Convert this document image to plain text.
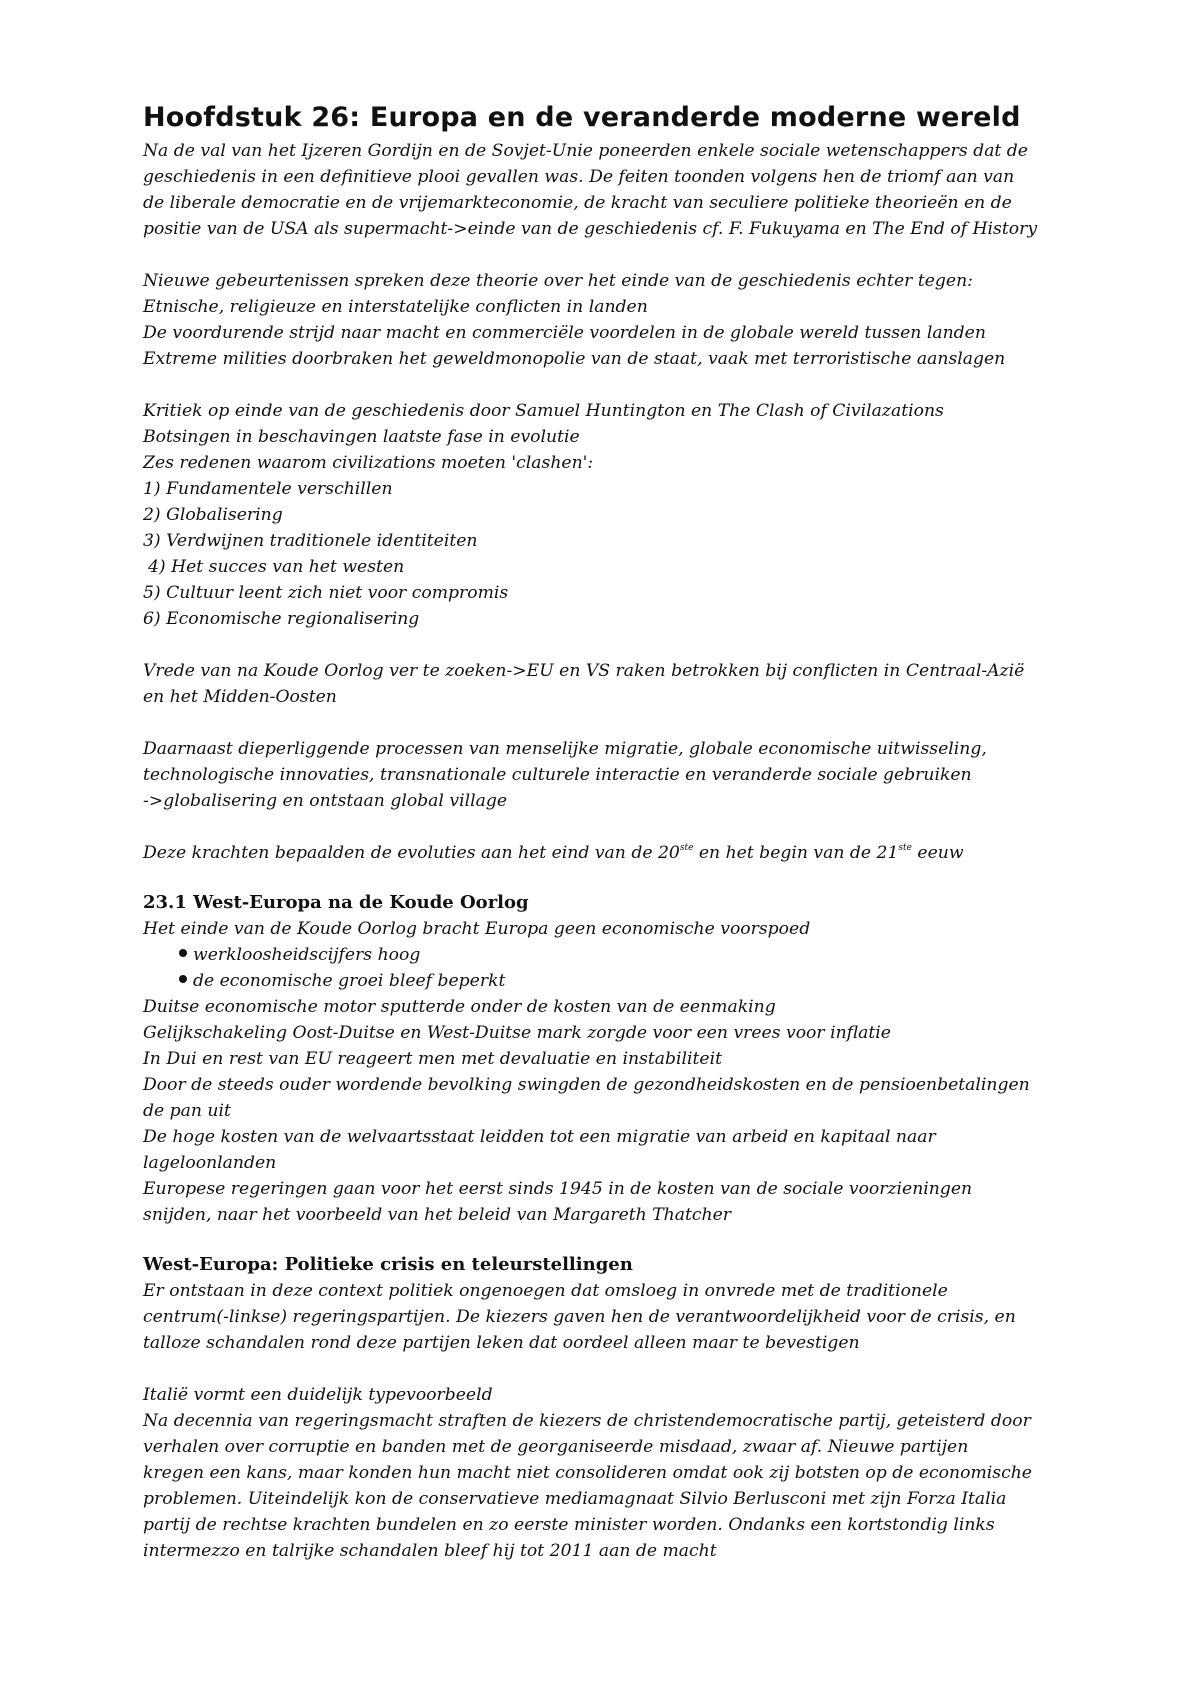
Hoofdstuk 26: Europa en de veranderde moderne wereld

Na de val van het Ijzeren Gordijn en de Sovjet-Unie poneerden enkele sociale wetenschappers dat de

geschiedenis in een definitieve plooi gevallen was. De feiten toonden volgens hen de triomf aan van

de liberale democratie en de vrijemarkteconomie, de kracht van seculiere politieke theorieën en de

positie van de USA als supermacht->einde van de geschiedenis cf. F. Fukuyama en The End of History

Nieuwe gebeurtenissen spreken deze theorie over het einde van de geschiedenis echter tegen:

Etnische, religieuze en interstatelijke conflicten in landen

De voordurende strijd naar macht en commerciële voordelen in de globale wereld tussen landen

Extreme milities doorbraken het geweldmonopolie van de staat, vaak met terroristische aanslagen

Kritiek op einde van de geschiedenis door Samuel Huntington en The Clash of Civilazations

Botsingen in beschavingen laatste fase in evolutie

Zes redenen waarom civilizations moeten 'clashen':

1) Fundamentele verschillen

2) Globalisering

3) Verdwijnen traditionele identiteiten

4) Het succes van het westen

5) Cultuur leent zich niet voor compromis

6) Economische regionalisering

Vrede van na Koude Oorlog ver te zoeken->EU en VS raken betrokken bij conflicten in Centraal-Azië

en het Midden-Oosten

Daarnaast dieperliggende processen van menselijke migratie, globale economische uitwisseling,

technologische innovaties, transnationale culturele interactie en veranderde sociale gebruiken

->globalisering en ontstaan global village

Deze krachten bepaalden de evoluties aan het eind van de 20ste en het begin van de 21ste eeuw

23.1 West-Europa na de Koude Oorlog

Het einde van de Koude Oorlog bracht Europa geen economische voorspoed

werkloosheidscijfers hoog

de economische groei bleef beperkt

Duitse economische motor sputterde onder de kosten van de eenmaking

Gelijkschakeling Oost-Duitse en West-Duitse mark zorgde voor een vrees voor inflatie

In Dui en rest van EU reageert men met devaluatie en instabiliteit

Door de steeds ouder wordende bevolking swingden de gezondheidskosten en de pensioenbetalingen

de pan uit

De hoge kosten van de welvaartsstaat leidden tot een migratie van arbeid en kapitaal naar

lageloonlanden

Europese regeringen gaan voor het eerst sinds 1945 in de kosten van de sociale voorzieningen

snijden, naar het voorbeeld van het beleid van Margareth Thatcher

West-Europa: Politieke crisis en teleurstellingen

Er ontstaan in deze context politiek ongenoegen dat omsloeg in onvrede met de traditionele

centrum(-linkse) regeringspartijen. De kiezers gaven hen de verantwoordelijkheid voor de crisis, en

talloze schandalen rond deze partijen leken dat oordeel alleen maar te bevestigen

Italië vormt een duidelijk typevoorbeeld

Na decennia van regeringsmacht straften de kiezers de christendemocratische partij, geteisterd door

verhalen over corruptie en banden met de georganiseerde misdaad, zwaar af. Nieuwe partijen

kregen een kans, maar konden hun macht niet consolideren omdat ook zij botsten op de economische

problemen. Uiteindelijk kon de conservatieve mediamagnaat Silvio Berlusconi met zijn Forza Italia

partij de rechtse krachten bundelen en zo eerste minister worden. Ondanks een kortstondig links

intermezzo en talrijke schandalen bleef hij tot 2011 aan de macht
